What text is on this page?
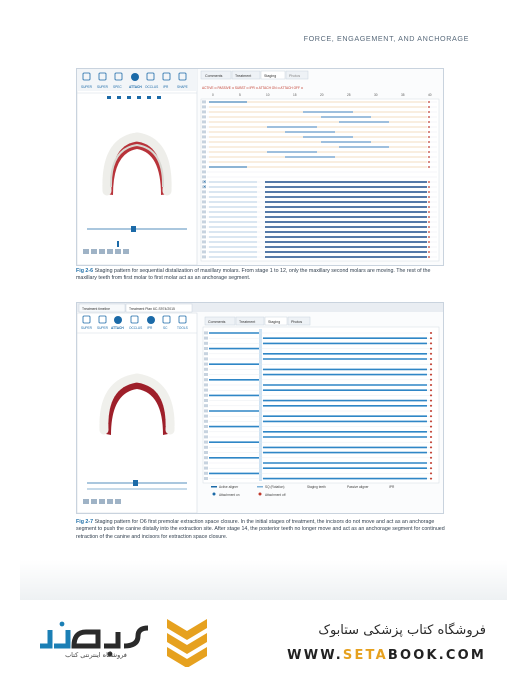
FORCE, ENGAGEMENT, AND ANCHORAGE
SUPER SUPER SPEC ATTACH OCCLUS IPR	SHAPE
Comments	Treatment	Staging	Photos
ACTIVE •• PASSIVE •• SUBST •• IPR •• ATTACH ON •• ATTACH OFF ••
0	5	10	15	20	25	30	35	40
✕
✕
Fig 2-6 Staging pattern for sequential distalization of maxillary molars. From stage 1 to 12, only the maxillary second molars are moving. The rest of the maxillary teeth from first molar to first molar act as an anchorage segment.
Treatment timeline	Treatment Plan 6C-S974/2015
SUPER SUPER ATTACH OCCLUS IPR	SC	TOOLS
Comments	Treatment	Staging	Photos
Active aligner
Attachment on
SQ (Rotation)
Attachment off
Staging teeth	Passive aligner	IPR
Fig 2-7 Staging pattern for O6 first premolar extraction space closure. In the initial stages of treatment, the incisors do not move and act as an anchorage segment to push the canine distally into the extraction site. After stage 14, the posterior teeth no longer move and act as an anchorage segment for continued retraction of the canine and incisors for extraction space closure.
فروشگاه اینترنتی کتاب
فروشگاه کتاب پزشکی ستابوک
WWW.SETABOOK.COM
